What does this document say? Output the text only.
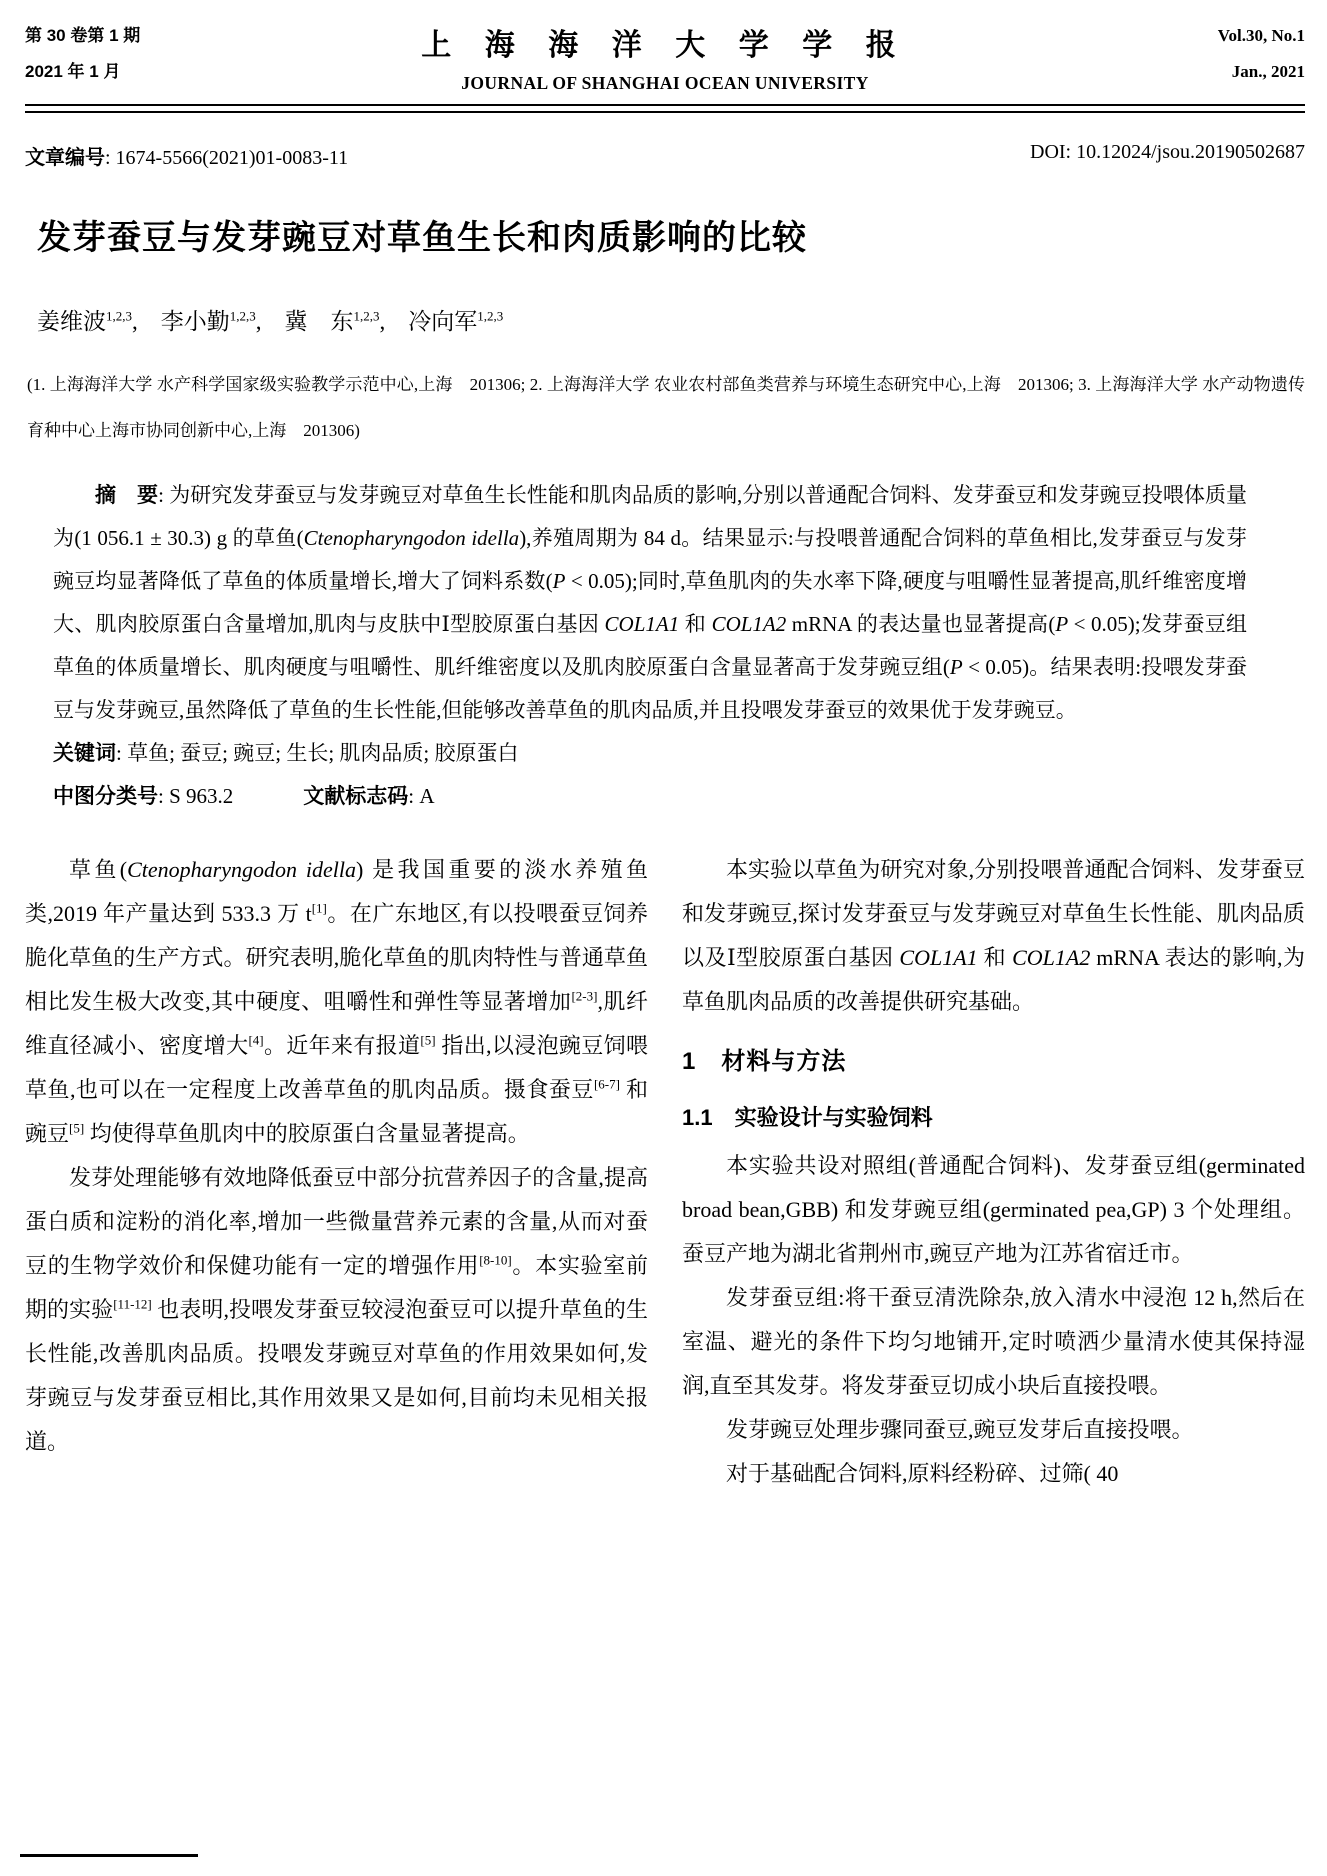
第 30 卷第 1 期
2021 年 1 月
上 海 海 洋 大 学 学 报
JOURNAL OF SHANGHAI OCEAN UNIVERSITY
Vol.30, No.1
Jan., 2021
文章编号: 1674-5566(2021)01-0083-11	DOI: 10.12024/jsou.20190502687
发芽蚕豆与发芽豌豆对草鱼生长和肉质影响的比较
姜维波$^{1,2,3}$, 李小勤$^{1,2,3}$, 冀　东$^{1,2,3}$, 冷向军$^{1,2,3}$
(1. 上海海洋大学 水产科学国家级实验教学示范中心,上海　201306; 2. 上海海洋大学 农业农村部鱼类营养与环境生态研究中心,上海　201306; 3. 上海海洋大学 水产动物遗传育种中心上海市协同创新中心,上海　201306)

摘　要: 为研究发芽蚕豆与发芽豌豆对草鱼生长性能和肌肉品质的影响,分别以普通配合饲料、发芽蚕豆和发芽豌豆投喂体质量为(1 056.1 ± 30.3) g 的草鱼(Ctenopharyngodon idella),养殖周期为 84 d。结果显示:与投喂普通配合饲料的草鱼相比,发芽蚕豆与发芽豌豆均显著降低了草鱼的体质量增长,增大了饲料系数(P < 0.05);同时,草鱼肌肉的失水率下降,硬度与咀嚼性显著提高,肌纤维密度增大、肌肉胶原蛋白含量增加,肌肉与皮肤中Ⅰ型胶原蛋白基因 COL1A1 和 COL1A2 mRNA 的表达量也显著提高(P < 0.05);发芽蚕豆组草鱼的体质量增长、肌肉硬度与咀嚼性、肌纤维密度以及肌肉胶原蛋白含量显著高于发芽豌豆组(P < 0.05)。结果表明:投喂发芽蚕豆与发芽豌豆,虽然降低了草鱼的生长性能,但能够改善草鱼的肌肉品质,并且投喂发芽蚕豆的效果优于发芽豌豆。

关键词: 草鱼; 蚕豆; 豌豆; 生长; 肌肉品质; 胶原蛋白

中图分类号: S 963.2	文献标志码: A

草鱼(Ctenopharyngodon idella) 是我国重要的淡水养殖鱼类,2019 年产量达到 533.3 万 t[1]。在广东地区,有以投喂蚕豆饲养脆化草鱼的生产方式。研究表明,脆化草鱼的肌肉特性与普通草鱼相比发生极大改变,其中硬度、咀嚼性和弹性等显著增加[2-3],肌纤维直径减小、密度增大[4]。近年来有报道[5] 指出,以浸泡豌豆饲喂草鱼,也可以在一定程度上改善草鱼的肌肉品质。摄食蚕豆[6-7] 和豌豆[5] 均使得草鱼肌肉中的胶原蛋白含量显著提高。

发芽处理能够有效地降低蚕豆中部分抗营养因子的含量,提高蛋白质和淀粉的消化率,增加一些微量营养元素的含量,从而对蚕豆的生物学效价和保健功能有一定的增强作用[8-10]。本实验室前期的实验[11-12] 也表明,投喂发芽蚕豆较浸泡蚕豆可以提升草鱼的生长性能,改善肌肉品质。投喂发芽豌豆对草鱼的作用效果如何,发芽豌豆与发芽蚕豆相比,其作用效果又是如何,目前均未见相关报道。

本实验以草鱼为研究对象,分别投喂普通配合饲料、发芽蚕豆和发芽豌豆,探讨发芽蚕豆与发芽豌豆对草鱼生长性能、肌肉品质以及Ⅰ型胶原蛋白基因 COL1A1 和 COL1A2 mRNA 表达的影响,为草鱼肌肉品质的改善提供研究基础。

1　材料与方法
1.1　实验设计与实验饲料

本实验共设对照组(普通配合饲料)、发芽蚕豆组(germinated broad bean,GBB) 和发芽豌豆组(germinated pea,GP) 3 个处理组。蚕豆产地为湖北省荆州市,豌豆产地为江苏省宿迁市。

发芽蚕豆组:将干蚕豆清洗除杂,放入清水中浸泡 12 h,然后在室温、避光的条件下均匀地铺开,定时喷洒少量清水使其保持湿润,直至其发芽。将发芽蚕豆切成小块后直接投喂。

发芽豌豆处理步骤同蚕豆,豌豆发芽后直接投喂。

对于基础配合饲料,原料经粉碎、过筛( 40
